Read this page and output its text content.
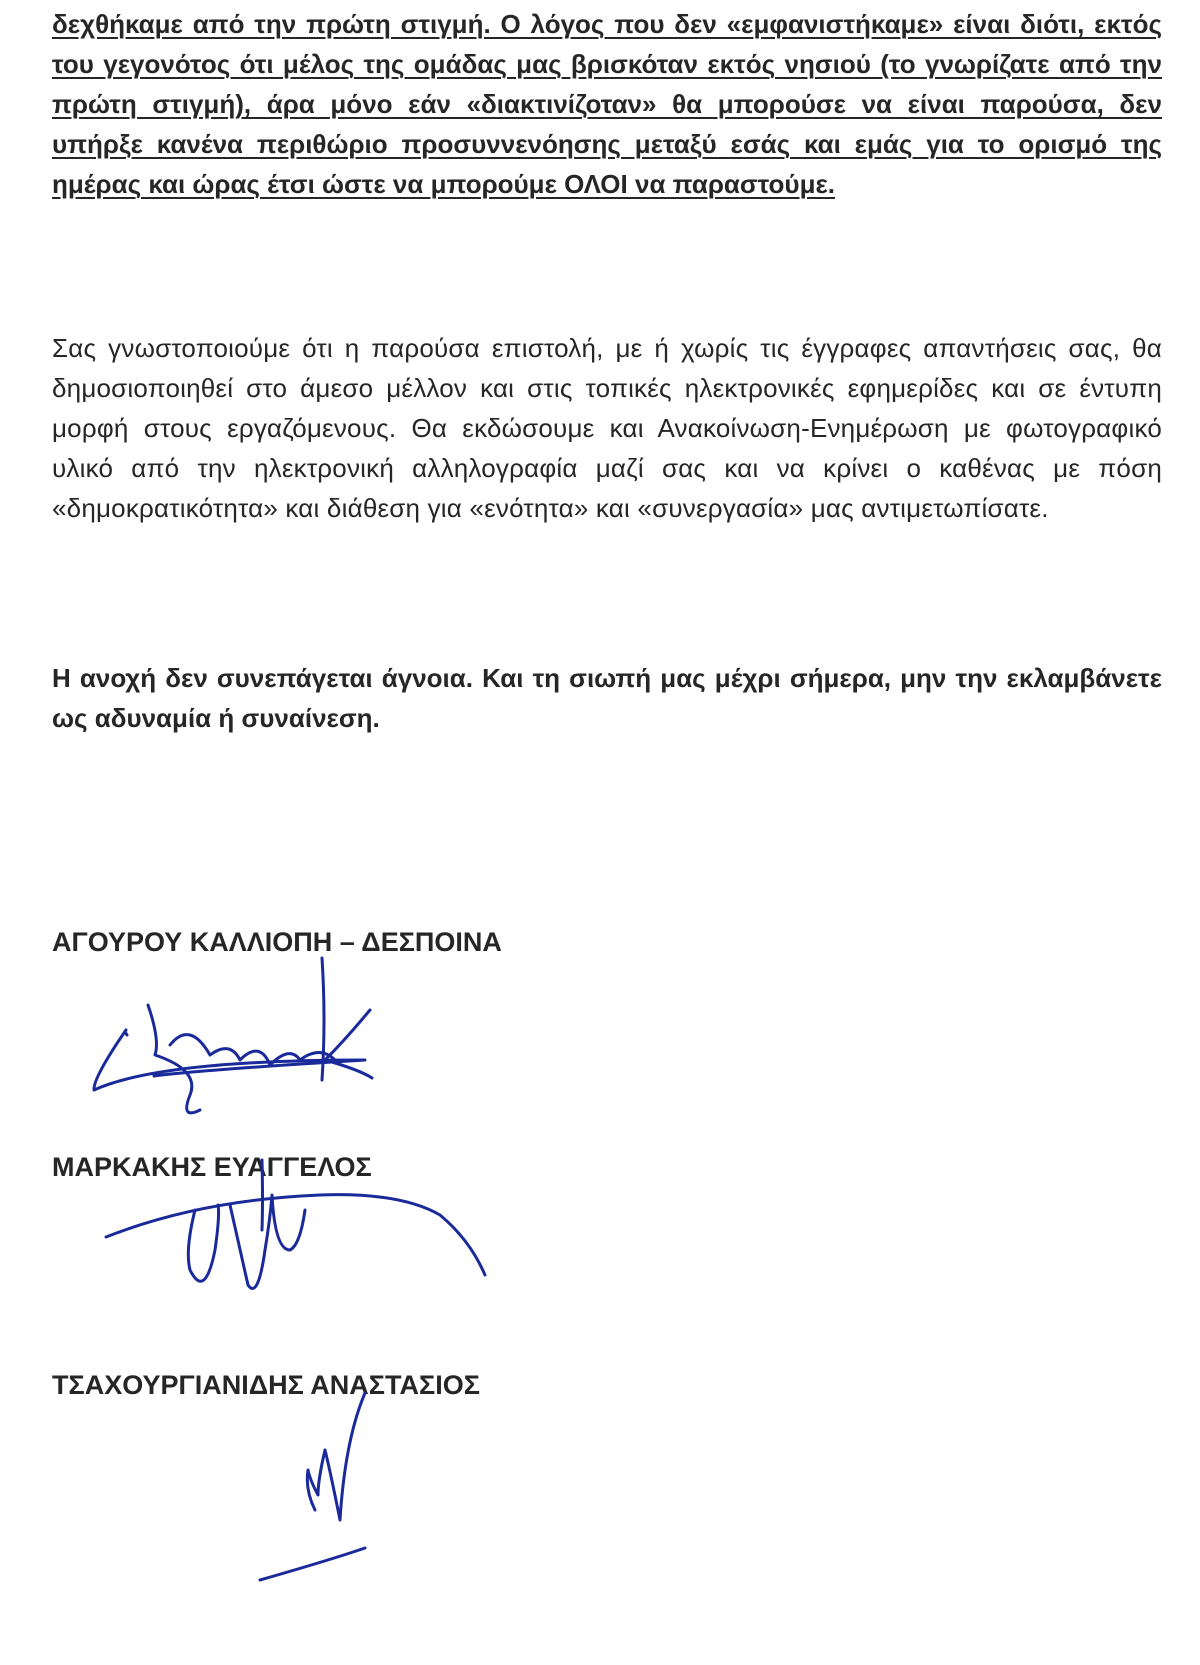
δεχθήκαμε από την πρώτη στιγμή. Ο λόγος που δεν «εμφανιστήκαμε» είναι διότι, εκτός του γεγονότος ότι μέλος της ομάδας μας βρισκόταν εκτός νησιού (το γνωρίζατε από την πρώτη στιγμή), άρα μόνο εάν «διακτινίζοταν» θα μπορούσε να είναι παρούσα, δεν υπήρξε κανένα περιθώριο προσυννενόησης μεταξύ εσάς και εμάς για το ορισμό της ημέρας και ώρας έτσι ώστε να μπορούμε ΟΛΟΙ να παραστούμε.
Σας γνωστοποιούμε ότι η παρούσα επιστολή, με ή χωρίς τις έγγραφες απαντήσεις σας, θα δημοσιοποιηθεί στο άμεσο μέλλον και στις τοπικές ηλεκτρονικές εφημερίδες και σε έντυπη μορφή στους εργαζόμενους. Θα εκδώσουμε και Ανακοίνωση-Ενημέρωση με φωτογραφικό υλικό από την ηλεκτρονική αλληλογραφία μαζί σας και να κρίνει ο καθένας με πόση «δημοκρατικότητα» και διάθεση για «ενότητα» και «συνεργασία» μας αντιμετωπίσατε.
Η ανοχή δεν συνεπάγεται άγνοια. Και τη σιωπή μας μέχρι σήμερα, μην την εκλαμβάνετε ως αδυναμία ή συναίνεση.
ΑΓΟΥΡΟΥ ΚΑΛΛΙΟΠΗ – ΔΕΣΠΟΙΝΑ
ΜΑΡΚΑΚΗΣ ΕΥΑΓΓΕΛΟΣ
ΤΣΑΧΟΥΡΓΙΑΝΙΔΗΣ ΑΝΑΣΤΑΣΙΟΣ
